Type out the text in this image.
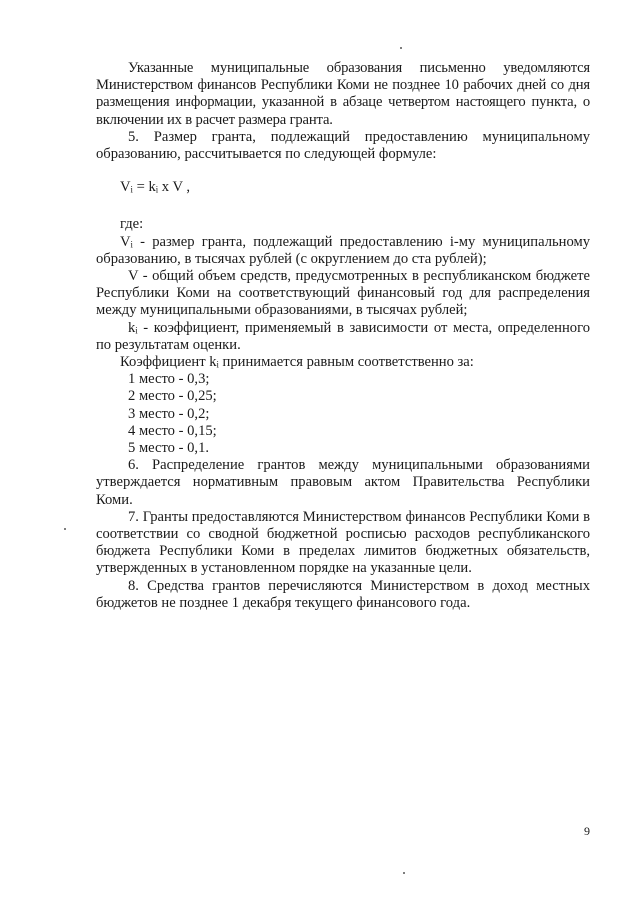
Указанные муниципальные образования письменно уведомляются Министерством финансов Республики Коми не позднее 10 рабочих дней со дня размещения информации, указанной в абзаце четвертом настоящего пункта, о включении их в расчет размера гранта.

5. Размер гранта, подлежащий предоставлению муниципальному образованию, рассчитывается по следующей формуле:

Vᵢ = kᵢ x V ,

где:

Vᵢ - размер гранта, подлежащий предоставлению i-му муниципальному образованию, в тысячах рублей (с округлением до ста рублей);

V - общий объем средств, предусмотренных в республиканском бюджете Республики Коми на соответствующий финансовый год для распределения между муниципальными образованиями, в тысячах рублей;

kᵢ - коэффициент, применяемый в зависимости от места, определенного по результатам оценки.

Коэффициент kᵢ принимается равным соответственно за:

1 место - 0,3;

2 место - 0,25;

3 место - 0,2;

4 место - 0,15;

5 место - 0,1.

6. Распределение грантов между муниципальными образованиями утверждается нормативным правовым актом Правительства Республики Коми.

7. Гранты предоставляются Министерством финансов Республики Коми в соответствии со сводной бюджетной росписью расходов республиканского бюджета Республики Коми в пределах лимитов бюджетных обязательств, утвержденных в установленном порядке на указанные цели.

8. Средства грантов перечисляются Министерством в доход местных бюджетов не позднее 1 декабря текущего финансового года.

9
